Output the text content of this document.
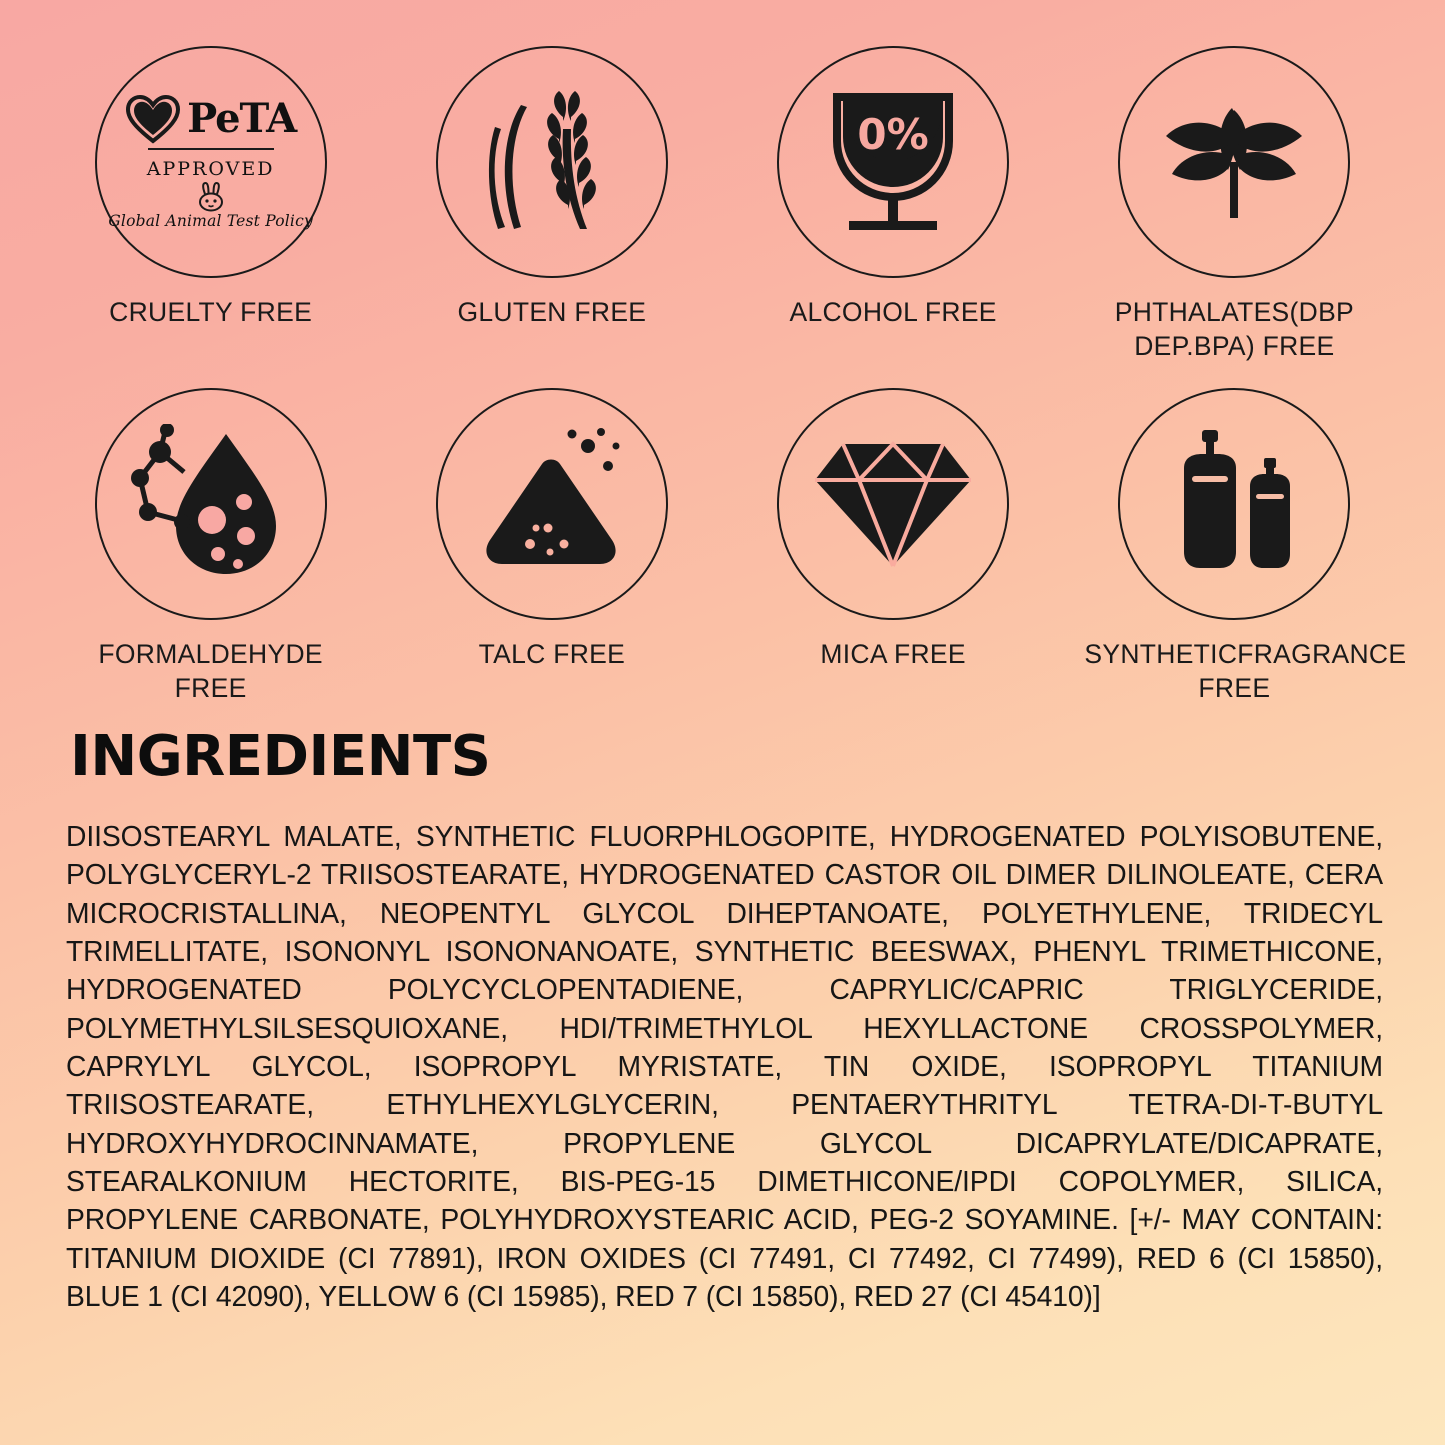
PeTA
APPROVED
Global Animal Test Policy
CRUELTY FREE	GLUTEN FREE
0%
ALCOHOL FREE	PHTHALATES(DBP DEP.BPA) FREE
FORMALDEHYDE FREE
TALC FREE	MICA FREE	SYNTHETICFRAGRANCE FREE
INGREDIENTS

DIISOSTEARYL MALATE, SYNTHETIC FLUORPHLOGOPITE, HYDROGENATED POLYISOBUTENE, POLYGLYCERYL-2 TRIISOSTEARATE, HYDROGENATED CASTOR OIL DIMER DILINOLEATE, CERA MICROCRISTALLINA, NEOPENTYL GLYCOL DIHEPTANOATE, POLYETHYLENE, TRIDECYL TRIMELLITATE, ISONONYL ISONONANOATE, SYNTHETIC BEESWAX, PHENYL TRIMETHICONE, HYDROGENATED POLYCYCLOPENTADIENE, CAPRYLIC/CAPRIC TRIGLYCERIDE, POLYMETHYLSILSESQUIOXANE, HDI/TRIMETHYLOL HEXYLLACTONE CROSSPOLYMER, CAPRYLYL GLYCOL, ISOPROPYL MYRISTATE, TIN OXIDE, ISOPROPYL TITANIUM TRIISOSTEARATE, ETHYLHEXYLGLYCERIN, PENTAERYTHRITYL TETRA-DI-T-BUTYL HYDROXYHYDROCINNAMATE, PROPYLENE GLYCOL DICAPRYLATE/DICAPRATE, STEARALKONIUM HECTORITE, BIS-PEG-15 DIMETHICONE/IPDI COPOLYMER, SILICA, PROPYLENE CARBONATE, POLYHYDROXYSTEARIC ACID, PEG-2 SOYAMINE. [+/- MAY CONTAIN: TITANIUM DIOXIDE (CI 77891), IRON OXIDES (CI 77491, CI 77492, CI 77499), RED 6 (CI 15850), BLUE 1 (CI 42090), YELLOW 6 (CI 15985), RED 7 (CI 15850), RED 27 (CI 45410)]
